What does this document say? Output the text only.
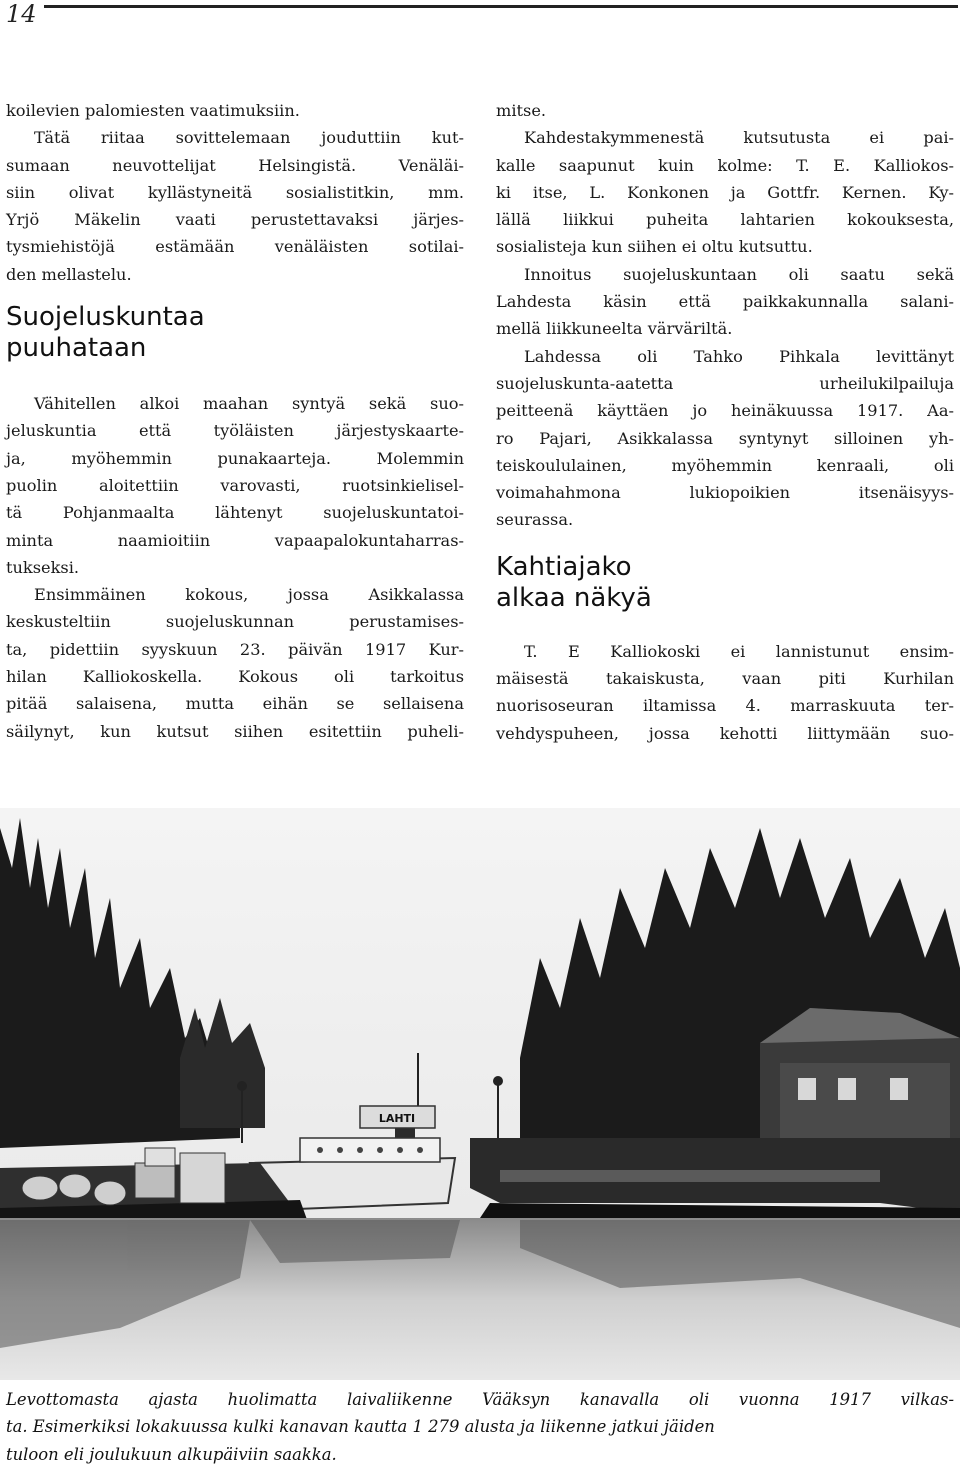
14
koilevien palomiesten vaatimuksiin.
Tätä riitaa sovittelemaan jouduttiin kut-
sumaan neuvottelijat Helsingistä. Venäläi-
siin olivat kyllästyneitä sosialistitkin, mm.
Yrjö Mäkelin vaati perustettavaksi järjes-
tysmiehistöjä estämään venäläisten sotilai-
den mellastelu.
Suojeluskuntaa
puuhataan
Vähitellen alkoi maahan syntyä sekä suo-
jeluskuntia että työläisten järjestyskaarte-
ja, myöhemmin punakaarteja. Molemmin
puolin aloitettiin varovasti, ruotsinkielisel-
tä Pohjanmaalta lähtenyt suojeluskuntatoi-
minta naamioitiin vapaapalokuntaharras-
tukseksi.
Ensimmäinen kokous, jossa Asikkalassa
keskusteltiin suojeluskunnan perustamises-
ta, pidettiin syyskuun 23. päivän 1917 Kur-
hilan Kalliokoskella. Kokous oli tarkoitus
pitää salaisena, mutta eihän se sellaisena
säilynyt, kun kutsut siihen esitettiin puheli-
mitse.
Kahdestakymmenestä kutsutusta ei pai-
kalle saapunut kuin kolme: T. E. Kalliokos-
ki itse, L. Konkonen ja Gottfr. Kernen. Ky-
lällä liikkui puheita lahtarien kokouksesta,
sosialisteja kun siihen ei oltu kutsuttu.
Innoitus suojeluskuntaan oli saatu sekä
Lahdesta käsin että paikkakunnalla salani-
mellä liikkuneelta värväriltä.
Lahdessa oli Tahko Pihkala levittänyt
suojeluskunta-aatetta urheilukilpailuja
peitteenä käyttäen jo heinäkuussa 1917. Aa-
ro Pajari, Asikkalassa syntynyt silloinen yh-
teiskoululainen, myöhemmin kenraali, oli
voimahahmona lukiopoikien itsenäisyys-
seurassa.
Kahtiajako
alkaa näkyä
T. E Kalliokoski ei lannistunut ensim-
mäisestä takaiskusta, vaan piti Kurhilan
nuorisoseuran iltamissa 4. marraskuuta ter-
vehdyspuheen, jossa kehotti liittymään suo-
LAHTI
Levottomasta ajasta huolimatta laivaliikenne Vääksyn kanavalla oli vuonna 1917 vilkas-
ta. Esimerkiksi lokakuussa kulki kanavan kautta 1 279 alusta ja liikenne jatkui jäiden
tuloon eli joulukuun alkupäiviin saakka.
